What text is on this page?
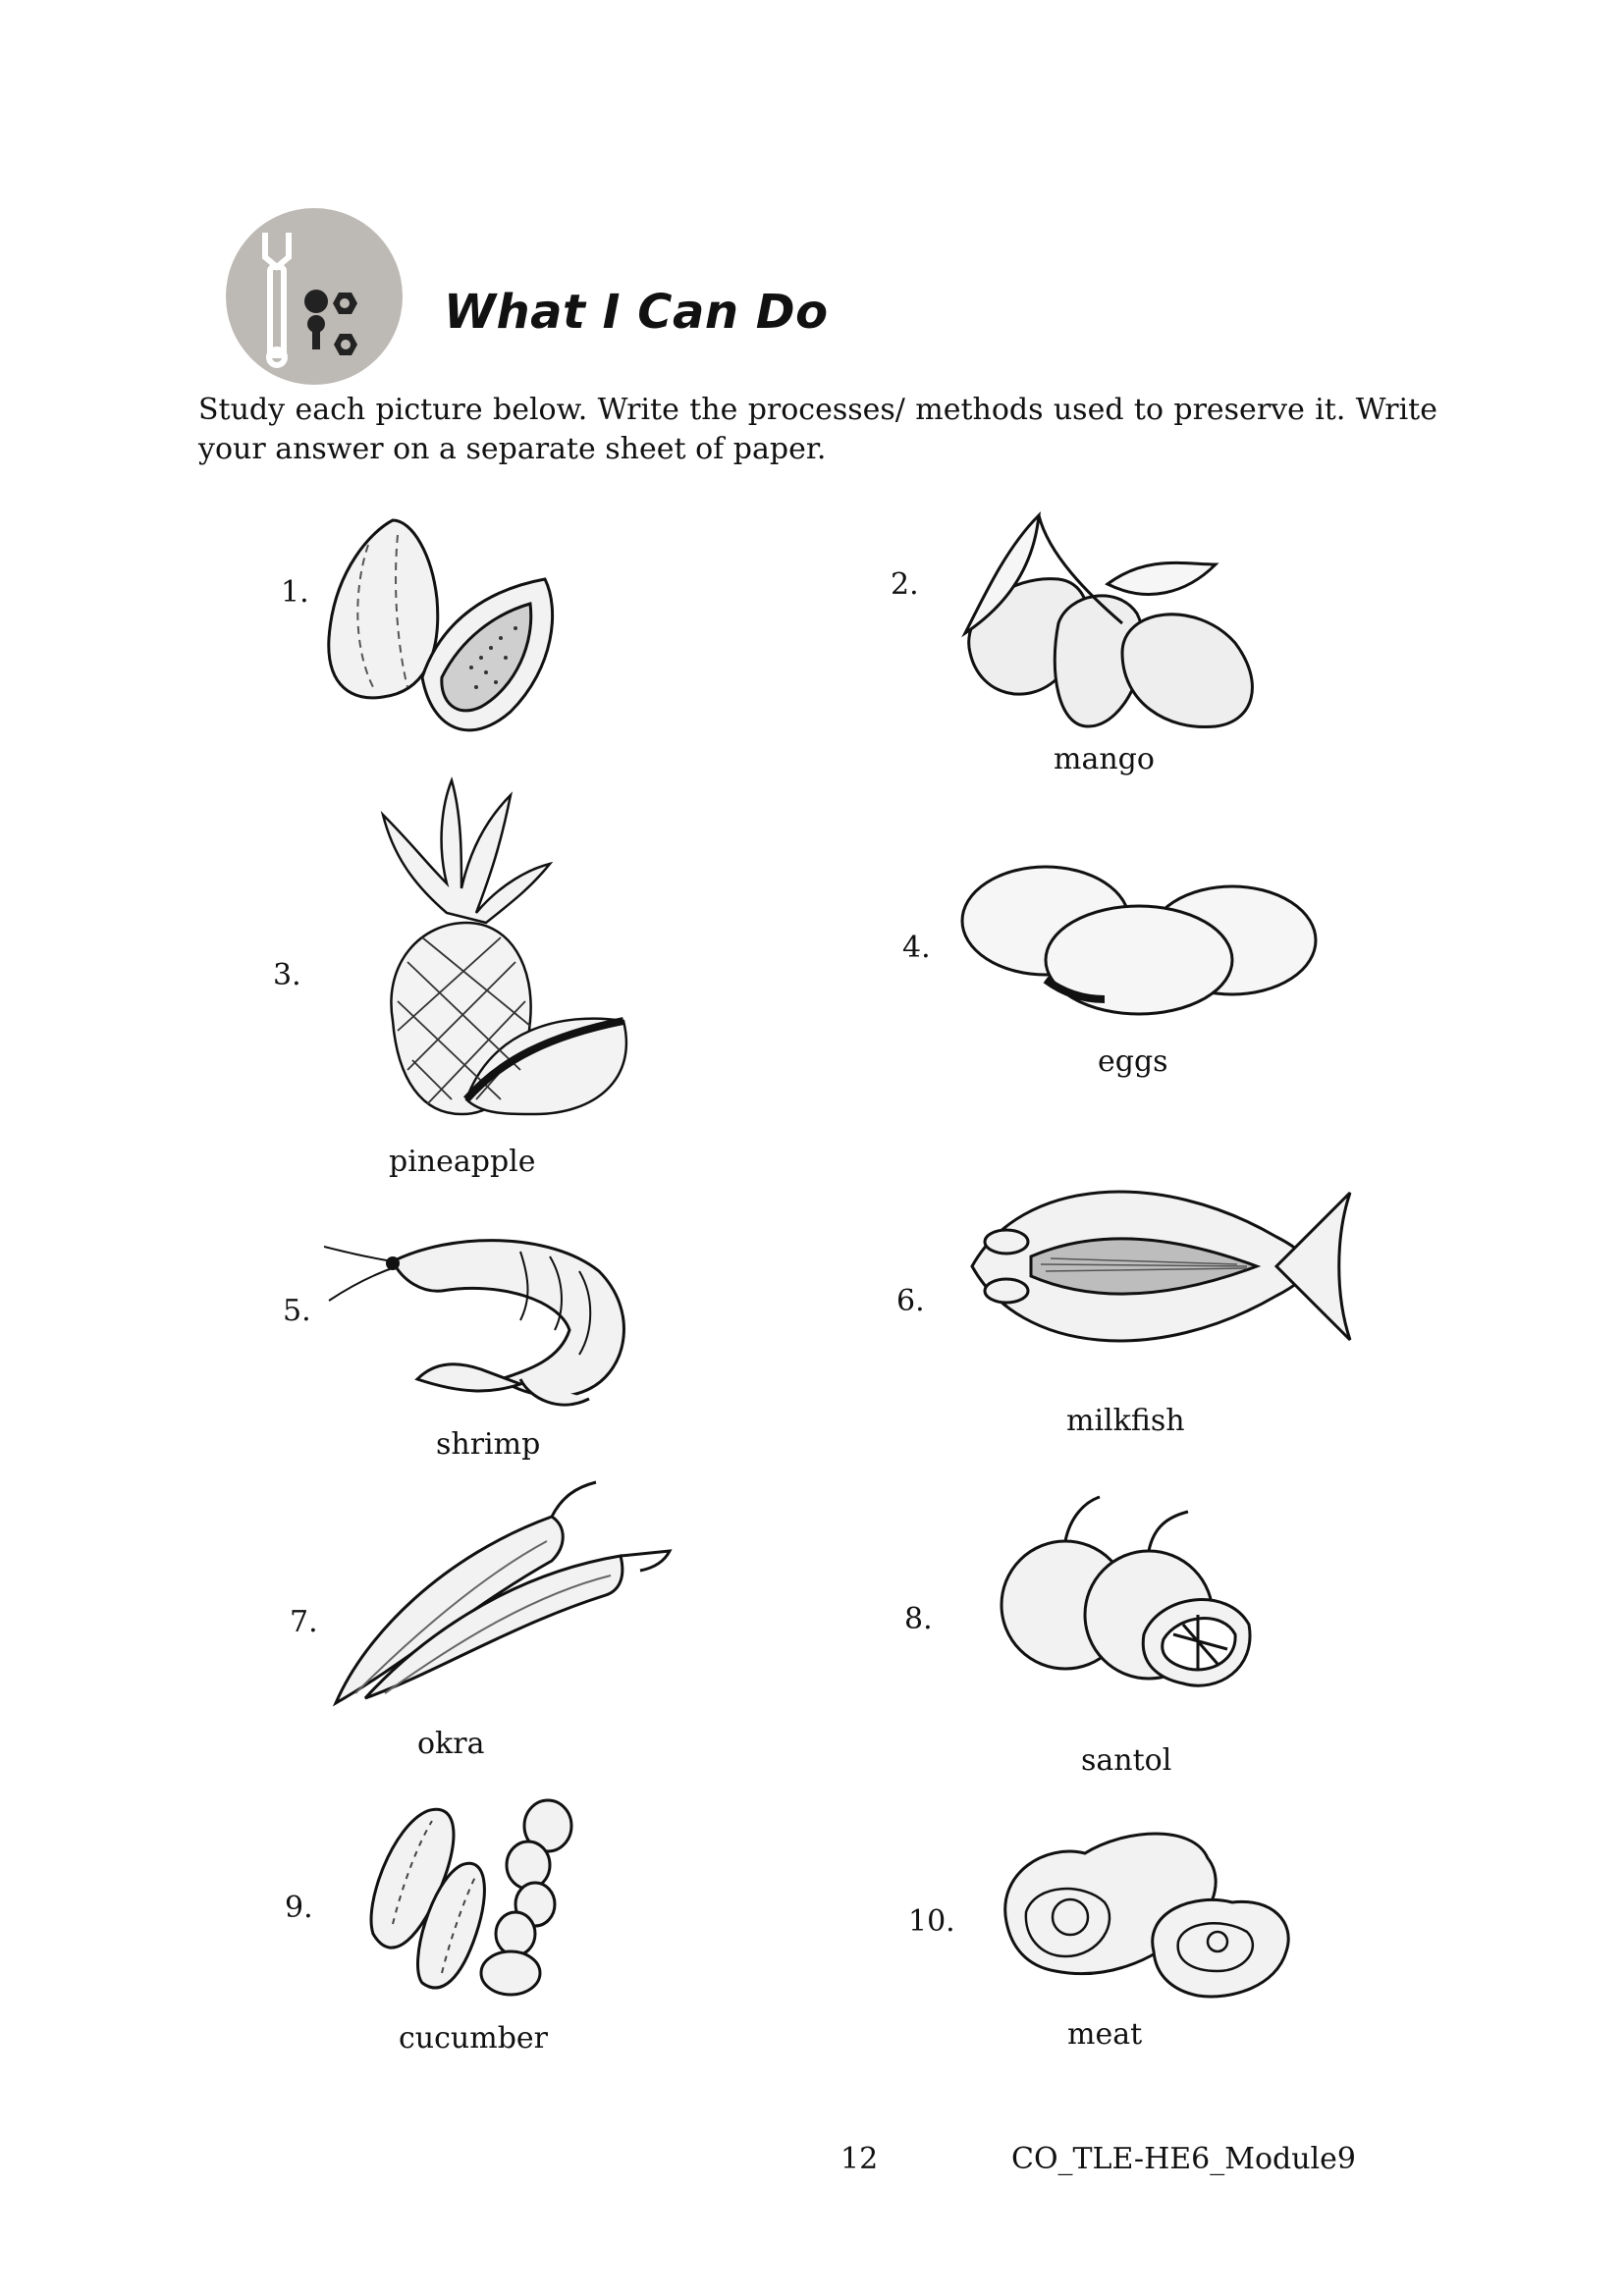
What I Can Do
Study each picture below. Write the processes/ methods used to preserve it. Write your answer on a separate sheet of paper.
1.	2.
mango
3.
pineapple
4.
eggs
5.
shrimp
6.
milkfish
7.
okra
8.
santol
9.
cucumber
10.
meat
12	CO_TLE-HE6_Module9
